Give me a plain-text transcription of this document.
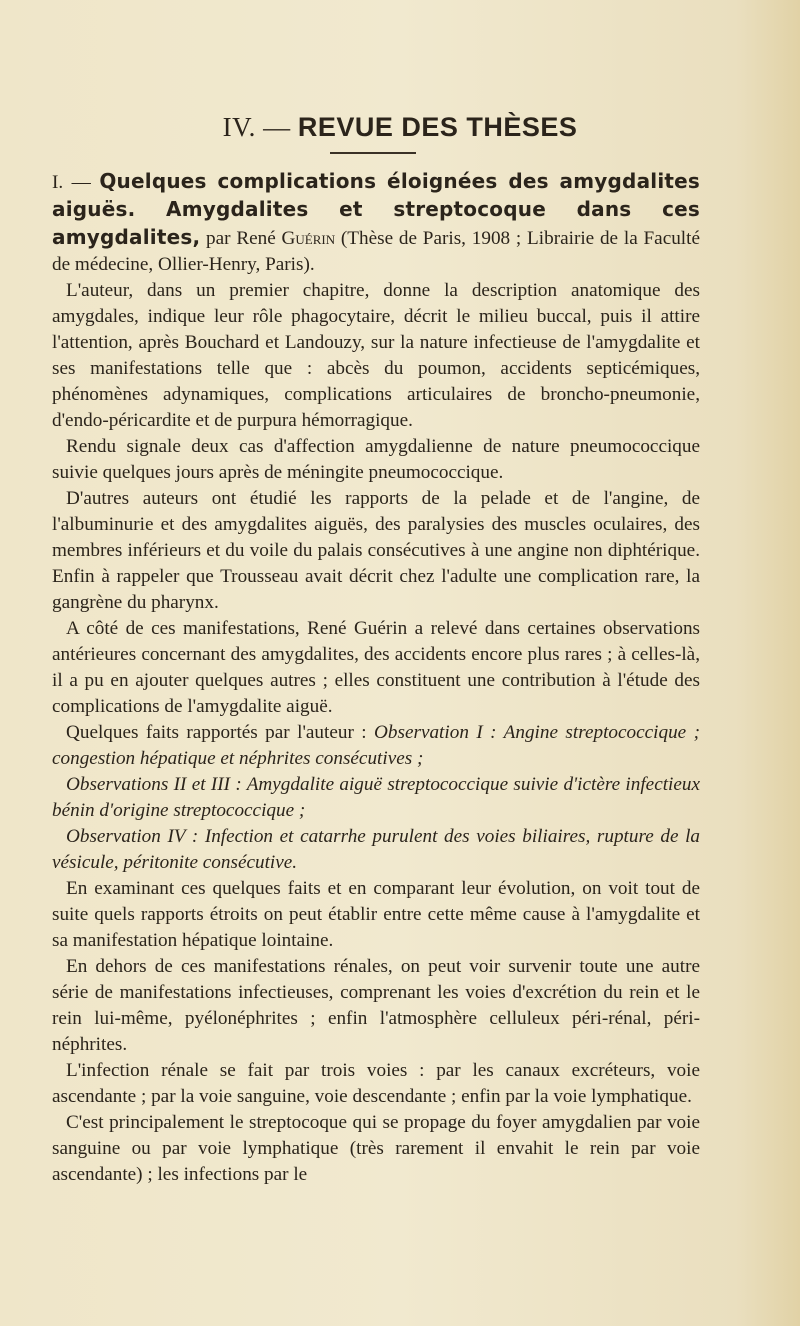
IV. — REVUE DES THÈSES

I. — Quelques complications éloignées des amygdalites aiguës. Amygdalites et streptocoque dans ces amygdalites, par René Guérin (Thèse de Paris, 1908 ; Librairie de la Faculté de médecine, Ollier-Henry, Paris).

L'auteur, dans un premier chapitre, donne la description anatomique des amygdales, indique leur rôle phagocytaire, décrit le milieu buccal, puis il attire l'attention, après Bouchard et Landouzy, sur la nature infectieuse de l'amygdalite et ses manifestations telle que : abcès du poumon, accidents septicémiques, phénomènes adynamiques, complications articulaires de broncho-pneumonie, d'endo-péricardite et de purpura hémorragique.

Rendu signale deux cas d'affection amygdalienne de nature pneumococcique suivie quelques jours après de méningite pneumococcique.

D'autres auteurs ont étudié les rapports de la pelade et de l'angine, de l'albuminurie et des amygdalites aiguës, des paralysies des muscles oculaires, des membres inférieurs et du voile du palais consécutives à une angine non diphtérique. Enfin à rappeler que Trousseau avait décrit chez l'adulte une complication rare, la gangrène du pharynx.

A côté de ces manifestations, René Guérin a relevé dans certaines observations antérieures concernant des amygdalites, des accidents encore plus rares ; à celles-là, il a pu en ajouter quelques autres ; elles constituent une contribution à l'étude des complications de l'amygdalite aiguë.

Quelques faits rapportés par l'auteur : Observation I : Angine streptococcique ; congestion hépatique et néphrites consécutives ;

Observations II et III : Amygdalite aiguë streptococcique suivie d'ictère infectieux bénin d'origine streptococcique ;

Observation IV : Infection et catarrhe purulent des voies biliaires, rupture de la vésicule, péritonite consécutive.

En examinant ces quelques faits et en comparant leur évolution, on voit tout de suite quels rapports étroits on peut établir entre cette même cause à l'amygdalite et sa manifestation hépatique lointaine.

En dehors de ces manifestations rénales, on peut voir survenir toute une autre série de manifestations infectieuses, comprenant les voies d'excrétion du rein et le rein lui-même, pyélonéphrites ; enfin l'atmosphère celluleux péri-rénal, péri-néphrites.

L'infection rénale se fait par trois voies : par les canaux excréteurs, voie ascendante ; par la voie sanguine, voie descendante ; enfin par la voie lymphatique.

C'est principalement le streptocoque qui se propage du foyer amygdalien par voie sanguine ou par voie lymphatique (très rarement il envahit le rein par voie ascendante) ; les infections par le
